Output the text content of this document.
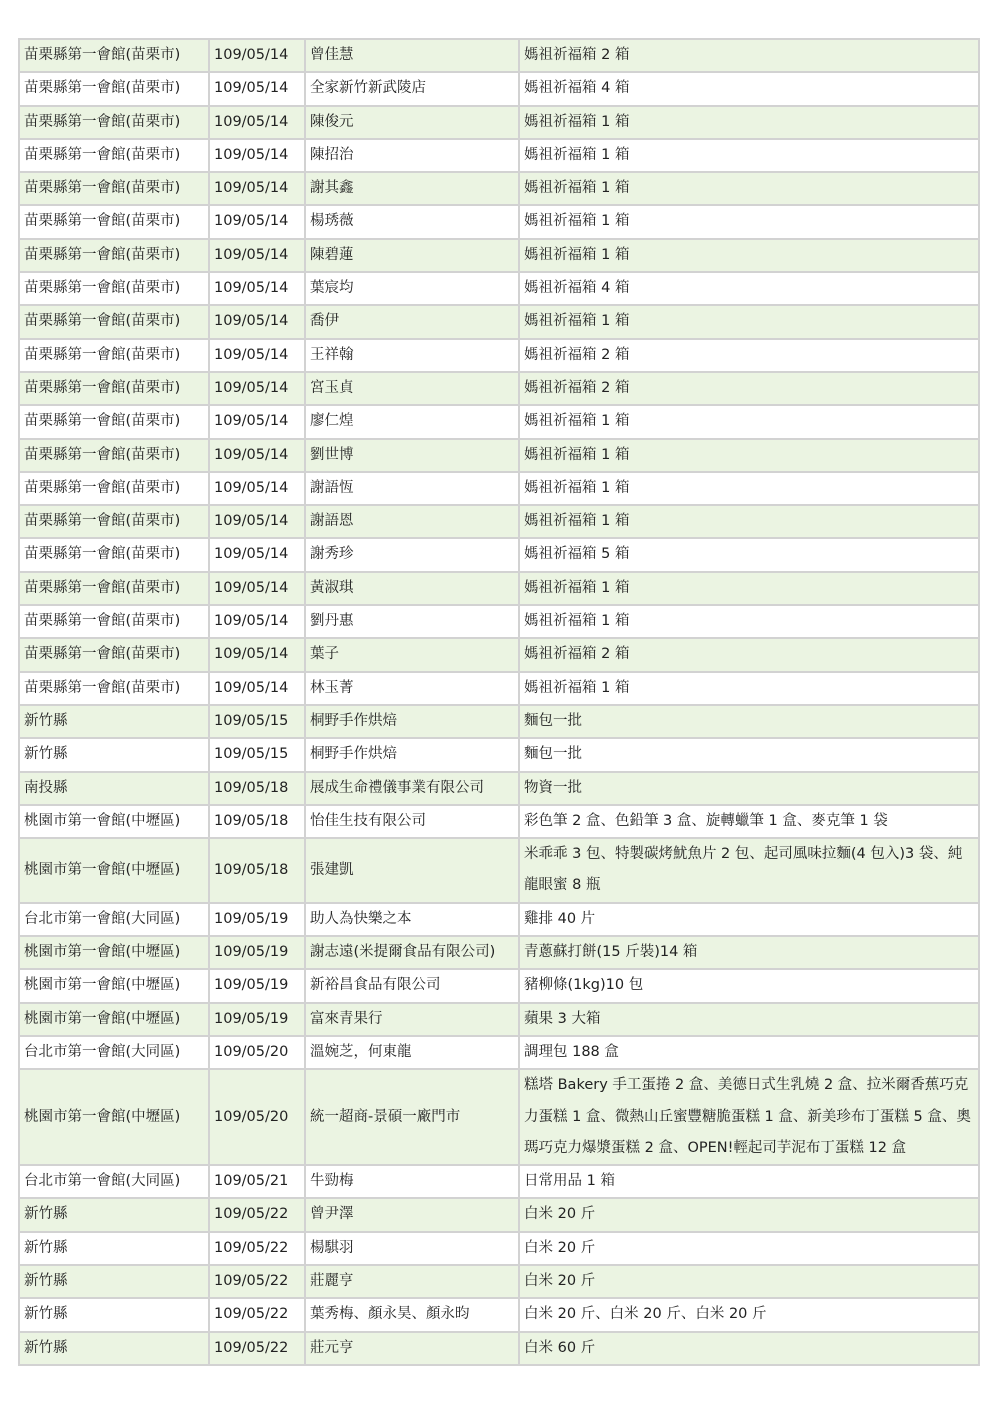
苗栗縣第一會館(苗栗市)	109/05/14	曾佳慧	媽祖祈福箱 2 箱
苗栗縣第一會館(苗栗市)	109/05/14	全家新竹新武陵店	媽祖祈福箱 4 箱
苗栗縣第一會館(苗栗市)	109/05/14	陳俊元	媽祖祈福箱 1 箱
苗栗縣第一會館(苗栗市)	109/05/14	陳招治	媽祖祈福箱 1 箱
苗栗縣第一會館(苗栗市)	109/05/14	謝其鑫	媽祖祈福箱 1 箱
苗栗縣第一會館(苗栗市)	109/05/14	楊琇薇	媽祖祈福箱 1 箱
苗栗縣第一會館(苗栗市)	109/05/14	陳碧蓮	媽祖祈福箱 1 箱
苗栗縣第一會館(苗栗市)	109/05/14	葉宸均	媽祖祈福箱 4 箱
苗栗縣第一會館(苗栗市)	109/05/14	喬伊	媽祖祈福箱 1 箱
苗栗縣第一會館(苗栗市)	109/05/14	王祥翰	媽祖祈福箱 2 箱
苗栗縣第一會館(苗栗市)	109/05/14	宮玉貞	媽祖祈福箱 2 箱
苗栗縣第一會館(苗栗市)	109/05/14	廖仁煌	媽祖祈福箱 1 箱
苗栗縣第一會館(苗栗市)	109/05/14	劉世博	媽祖祈福箱 1 箱
苗栗縣第一會館(苗栗市)	109/05/14	謝語恆	媽祖祈福箱 1 箱
苗栗縣第一會館(苗栗市)	109/05/14	謝語恩	媽祖祈福箱 1 箱
苗栗縣第一會館(苗栗市)	109/05/14	謝秀珍	媽祖祈福箱 5 箱
苗栗縣第一會館(苗栗市)	109/05/14	黃淑琪	媽祖祈福箱 1 箱
苗栗縣第一會館(苗栗市)	109/05/14	劉丹惠	媽祖祈福箱 1 箱
苗栗縣第一會館(苗栗市)	109/05/14	葉子	媽祖祈福箱 2 箱
苗栗縣第一會館(苗栗市)	109/05/14	林玉菁	媽祖祈福箱 1 箱
新竹縣	109/05/15	桐野手作烘焙	麵包一批
新竹縣	109/05/15	桐野手作烘焙	麵包一批
南投縣	109/05/18	展成生命禮儀事業有限公司	物資一批
桃園市第一會館(中壢區)	109/05/18	怡佳生技有限公司	彩色筆 2 盒、色鉛筆 3 盒、旋轉蠟筆 1 盒、麥克筆 1 袋
桃園市第一會館(中壢區)	109/05/18	張建凱	米乖乖 3 包、特製碳烤魷魚片 2 包、起司風味拉麵(4 包入)3 袋、純龍眼蜜 8 瓶
台北市第一會館(大同區)	109/05/19	助人為快樂之本	雞排 40 片
桃園市第一會館(中壢區)	109/05/19	謝志遠(米提爾食品有限公司)	青蔥蘇打餅(15 斤裝)14 箱
桃園市第一會館(中壢區)	109/05/19	新裕昌食品有限公司	豬柳條(1kg)10 包
桃園市第一會館(中壢區)	109/05/19	富來青果行	蘋果 3 大箱
台北市第一會館(大同區)	109/05/20	溫婉芝，何東龍	調理包 188 盒
桃園市第一會館(中壢區)	109/05/20	統一超商-景碩一廠門市	糕塔 Bakery 手工蛋捲 2 盒、美德日式生乳燒 2 盒、拉米爾香蕉巧克力蛋糕 1 盒、微熱山丘蜜豐糖脆蛋糕 1 盒、新美珍布丁蛋糕 5 盒、奧瑪巧克力爆漿蛋糕 2 盒、OPEN!輕起司芋泥布丁蛋糕 12 盒
台北市第一會館(大同區)	109/05/21	牛勁梅	日常用品 1 箱
新竹縣	109/05/22	曾尹澤	白米 20 斤
新竹縣	109/05/22	楊騏羽	白米 20 斤
新竹縣	109/05/22	莊麗亨	白米 20 斤
新竹縣	109/05/22	葉秀梅、顏永昊、顏永昀	白米 20 斤、白米 20 斤、白米 20 斤
新竹縣	109/05/22	莊元亨	白米 60 斤
